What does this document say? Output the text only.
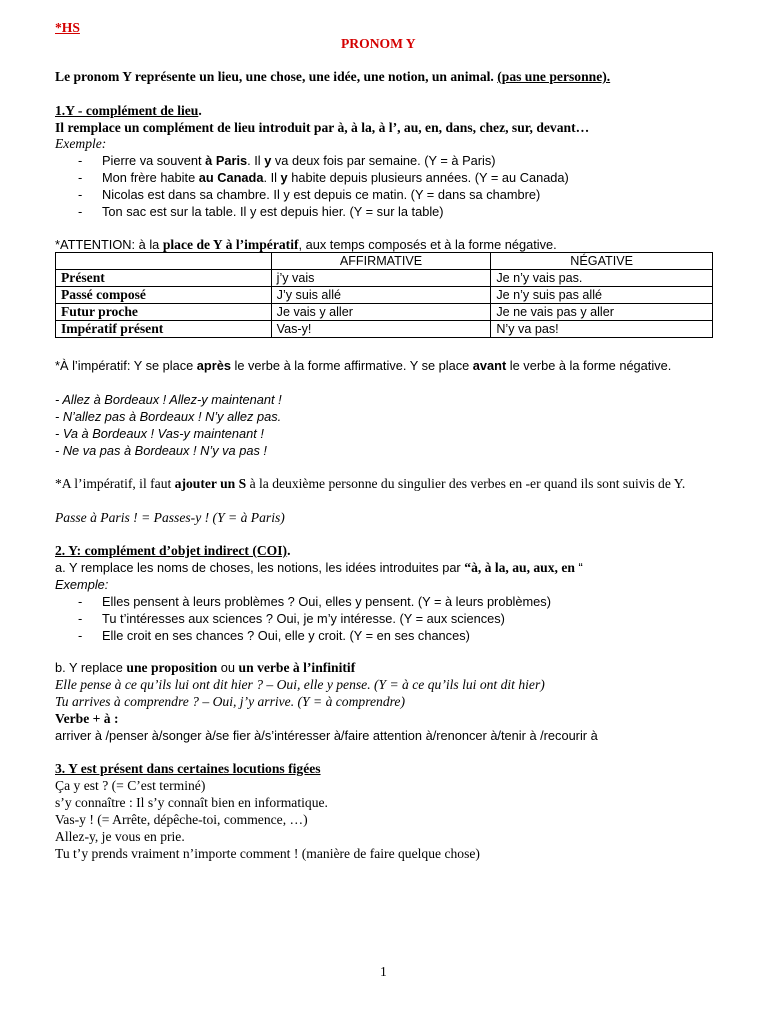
*HS
PRONOM Y
Le pronom Y représente un lieu, une chose, une idée, une notion, un animal. (pas une personne).
1.Y - complément de lieu.
Il remplace un complément de lieu introduit par à, à la, à l’, au, en, dans, chez, sur, devant…
Exemple:
- Pierre va souvent à Paris. Il y va deux fois par semaine. (Y = à Paris)
- Mon frère habite au Canada. Il y habite depuis plusieurs années. (Y = au Canada)
- Nicolas est dans sa chambre. Il y est depuis ce matin. (Y = dans sa chambre)
- Ton sac est sur la table. Il y est depuis hier. (Y = sur la table)
*ATTENTION: à la place de Y à l’impératif, aux temps composés et à la forme négative.
	AFFIRMATIVE	NÉGATIVE
Présent	j’y vais	Je n’y vais pas.
Passé composé	J’y suis allé	Je n’y suis pas allé
Futur proche	Je vais y aller	Je ne vais pas y aller
Impératif présent	Vas-y!	N’y va pas!
*À l’impératif: Y se place après le verbe à la forme affirmative. Y se place avant le verbe à la forme négative.
- Allez à Bordeaux ! Allez-y maintenant !
- N’allez pas à Bordeaux ! N’y allez pas.
- Va à Bordeaux ! Vas-y maintenant !
- Ne va pas à Bordeaux ! N’y va pas !
*A l’impératif, il faut ajouter un S à la deuxième personne du singulier des verbes en -er quand ils sont suivis de Y.
Passe à Paris ! = Passes-y ! (Y = à Paris)
2. Y: complément d’objet indirect (COI).
a. Y remplace les noms de choses, les notions, les idées introduites par “à, à la, au, aux, en “
Exemple:
- Elles pensent à leurs problèmes ? Oui, elles y pensent. (Y = à leurs problèmes)
- Tu t’intéresses aux sciences ? Oui, je m’y intéresse. (Y = aux sciences)
- Elle croit en ses chances ? Oui, elle y croit. (Y = en ses chances)
b. Y replace une proposition ou un verbe à l’infinitif
Elle pense à ce qu’ils lui ont dit hier ? – Oui, elle y pense. (Y = à ce qu’ils lui ont dit hier)
Tu arrives à comprendre ? – Oui, j’y arrive. (Y = à comprendre)
Verbe + à :
arriver à /penser à/songer à/se fier à/s’intéresser à/faire attention à/renoncer à/tenir à /recourir à
3. Y est présent dans certaines locutions figées
Ça y est ? (= C’est terminé)
s’y connaître : Il s’y connaît bien en informatique.
Vas-y ! (= Arrête, dépêche-toi, commence, …)
Allez-y, je vous en prie.
Tu t’y prends vraiment n’importe comment ! (manière de faire quelque chose)
1
